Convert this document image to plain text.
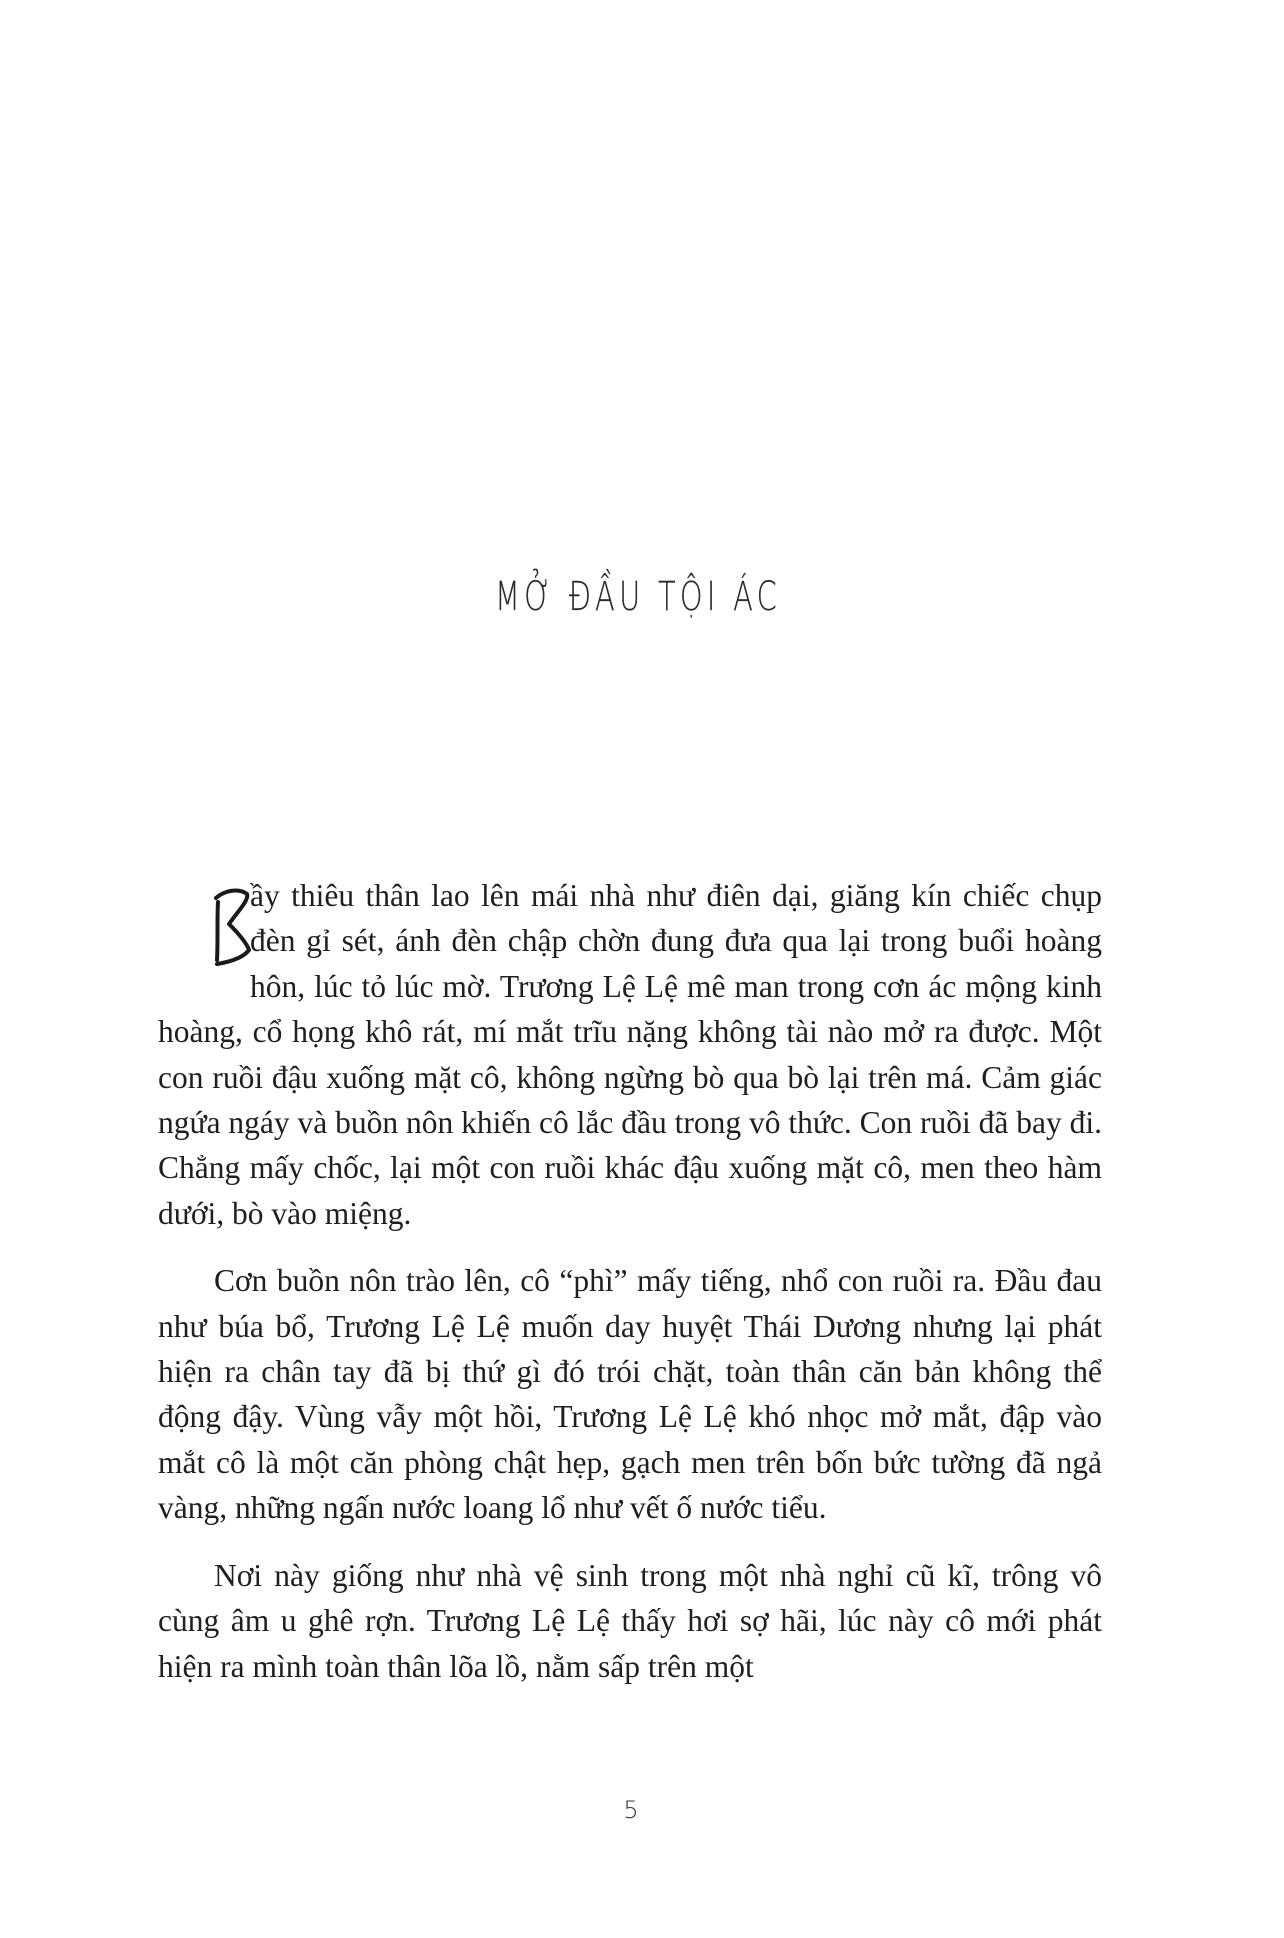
MỞ ĐẦU TỘI ÁC

ầy thiêu thân lao lên mái nhà như điên dại, giăng kín chiếc chụp đèn gỉ sét, ánh đèn chập chờn đung đưa qua lại trong buổi hoàng hôn, lúc tỏ lúc mờ. Trương Lệ Lệ mê man trong cơn ác mộng kinh hoàng, cổ họng khô rát, mí mắt trĩu nặng không tài nào mở ra được. Một con ruồi đậu xuống mặt cô, không ngừng bò qua bò lại trên má. Cảm giác ngứa ngáy và buồn nôn khiến cô lắc đầu trong vô thức. Con ruồi đã bay đi. Chẳng mấy chốc, lại một con ruồi khác đậu xuống mặt cô, men theo hàm dưới, bò vào miệng.

Cơn buồn nôn trào lên, cô “phì” mấy tiếng, nhổ con ruồi ra. Đầu đau như búa bổ, Trương Lệ Lệ muốn day huyệt Thái Dương nhưng lại phát hiện ra chân tay đã bị thứ gì đó trói chặt, toàn thân căn bản không thể động đậy. Vùng vẫy một hồi, Trương Lệ Lệ khó nhọc mở mắt, đập vào mắt cô là một căn phòng chật hẹp, gạch men trên bốn bức tường đã ngả vàng, những ngấn nước loang lổ như vết ố nước tiểu.

Nơi này giống như nhà vệ sinh trong một nhà nghỉ cũ kĩ, trông vô cùng âm u ghê rợn. Trương Lệ Lệ thấy hơi sợ hãi, lúc này cô mới phát hiện ra mình toàn thân lõa lồ, nằm sấp trên một

5
